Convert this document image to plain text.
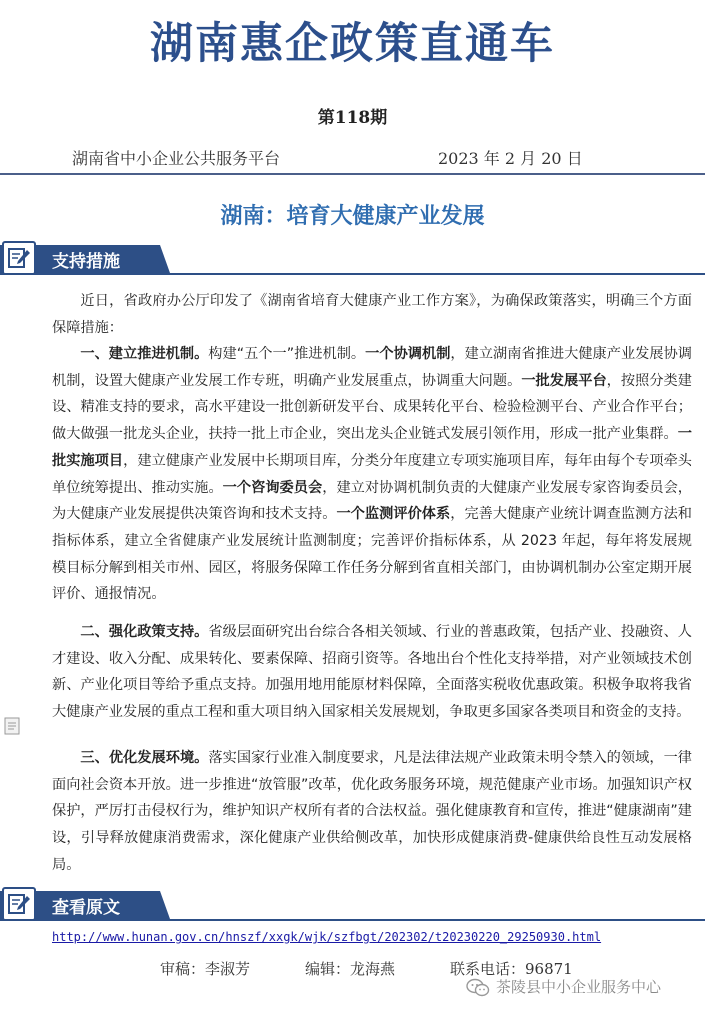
湖南惠企政策直通车
第118期
湖南省中小企业公共服务平台	2023 年 2 月 20 日
湖南：培育大健康产业发展
支持措施
近日，省政府办公厅印发了《湖南省培育大健康产业工作方案》，为确保政策落实，明确三个方面保障措施：
一、建立推进机制。构建“五个一”推进机制。一个协调机制，建立湖南省推进大健康产业发展协调机制，设置大健康产业发展工作专班，明确产业发展重点，协调重大问题。一批发展平台，按照分类建设、精准支持的要求，高水平建设一批创新研发平台、成果转化平台、检验检测平台、产业合作平台；做大做强一批龙头企业，扶持一批上市企业，突出龙头企业链式发展引领作用，形成一批产业集群。一批实施项目，建立健康产业发展中长期项目库，分类分年度建立专项实施项目库，每年由每个专项牵头单位统筹提出、推动实施。一个咨询委员会，建立对协调机制负责的大健康产业发展专家咨询委员会，为大健康产业发展提供决策咨询和技术支持。一个监测评价体系，完善大健康产业统计调查监测方法和指标体系，建立全省健康产业发展统计监测制度；完善评价指标体系，从 2023 年起，每年将发展规模目标分解到相关市州、园区，将服务保障工作任务分解到省直相关部门，由协调机制办公室定期开展评价、通报情况。
二、强化政策支持。省级层面研究出台综合各相关领域、行业的普惠政策，包括产业、投融资、人才建设、收入分配、成果转化、要素保障、招商引资等。各地出台个性化支持举措，对产业领域技术创新、产业化项目等给予重点支持。加强用地用能原材料保障，全面落实税收优惠政策。积极争取将我省大健康产业发展的重点工程和重大项目纳入国家相关发展规划，争取更多国家各类项目和资金的支持。
三、优化发展环境。落实国家行业准入制度要求，凡是法律法规产业政策未明令禁入的领域，一律面向社会资本开放。进一步推进“放管服”改革，优化政务服务环境，规范健康产业市场。加强知识产权保护，严厉打击侵权行为，维护知识产权所有者的合法权益。强化健康教育和宣传，推进“健康湖南”建设，引导释放健康消费需求，深化健康产业供给侧改革，加快形成健康消费-健康供给良性互动发展格局。
查看原文
http://www.hunan.gov.cn/hnszf/xxgk/wjk/szfbgt/202302/t20230220_29250930.html
审稿：李淑芳	编辑：龙海燕	联系电话：96871
茶陵县中小企业服务中心
